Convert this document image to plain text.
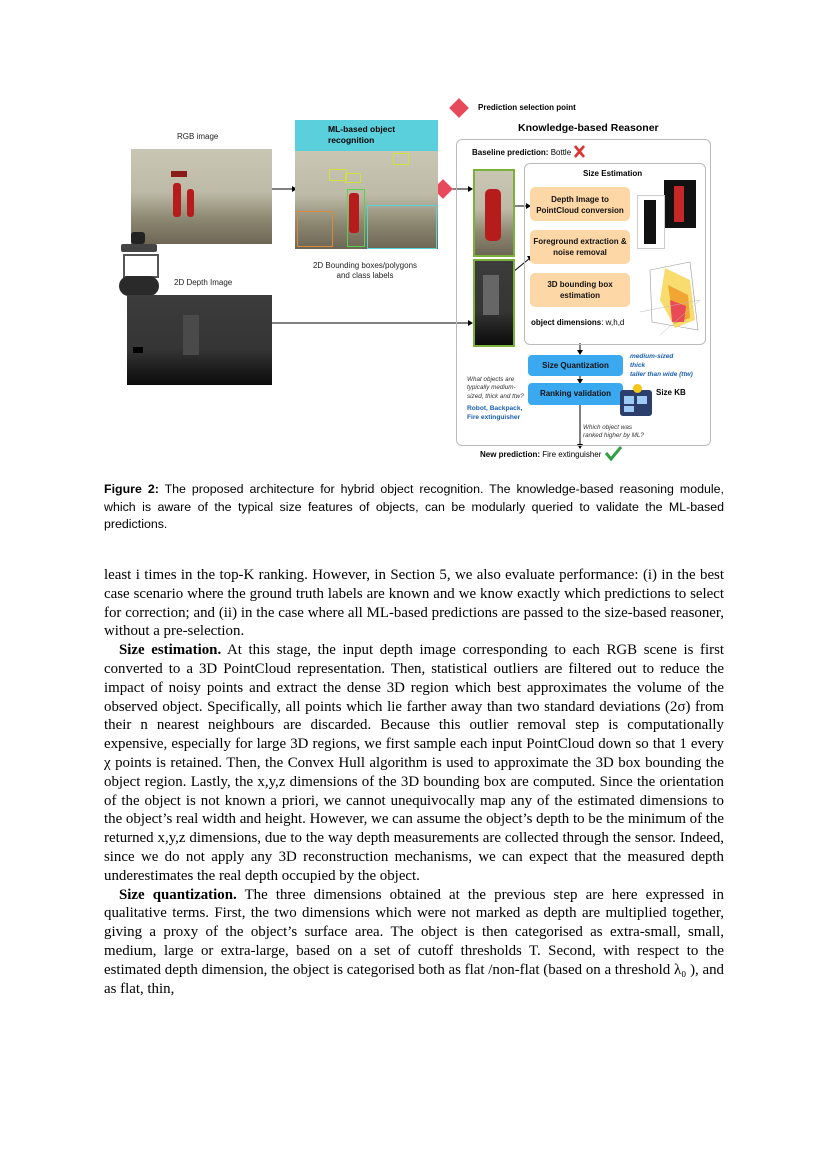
Prediction selection point
RGB image
2D Depth Image
ML-based object recognition
2D Bounding boxes/polygons and class labels
Knowledge-based Reasoner
Baseline prediction: Bottle
Size Estimation
Depth Image to PointCloud conversion
Foreground extraction & noise removal
3D bounding box estimation
object dimensions: w,h,d
Size Quantization
medium-sized
thick
taller than wide (ttw)
Ranking validation	Size KB
What objects are typically medium-sized, thick and ttw?
Robot, Backpack, Fire extinguisher
Which object was ranked higher by ML?
New prediction: Fire extinguisher
Figure 2: The proposed architecture for hybrid object recognition. The knowledge-based reasoning module, which is aware of the typical size features of objects, can be modularly queried to validate the ML-based predictions.

least i times in the top-K ranking. However, in Section 5, we also evaluate performance: (i) in the best case scenario where the ground truth labels are known and we know exactly which predictions to select for correction; and (ii) in the case where all ML-based predictions are passed to the size-based reasoner, without a pre-selection.

Size estimation. At this stage, the input depth image corresponding to each RGB scene is first converted to a 3D PointCloud representation. Then, statistical outliers are filtered out to reduce the impact of noisy points and extract the dense 3D region which best approximates the volume of the observed object. Specifically, all points which lie farther away than two standard deviations (2σ) from their n nearest neighbours are discarded. Because this outlier removal step is computationally expensive, especially for large 3D regions, we first sample each input PointCloud down so that 1 every χ points is retained. Then, the Convex Hull algorithm is used to approximate the 3D box bounding the object region. Lastly, the x,y,z dimensions of the 3D bounding box are computed. Since the orientation of the object is not known a priori, we cannot unequivocally map any of the estimated dimensions to the object’s real width and height. However, we can assume the object’s depth to be the minimum of the returned x,y,z dimensions, due to the way depth measurements are collected through the sensor. Indeed, since we do not apply any 3D reconstruction mechanisms, we can expect that the measured depth underestimates the real depth occupied by the object.

Size quantization. The three dimensions obtained at the previous step are here expressed in qualitative terms. First, the two dimensions which were not marked as depth are multiplied together, giving a proxy of the object’s surface area. The object is then categorised as extra-small, small, medium, large or extra-large, based on a set of cutoff thresholds T. Second, with respect to the estimated depth dimension, the object is categorised both as flat /non-flat (based on a threshold λ₀ ), and as flat, thin,
